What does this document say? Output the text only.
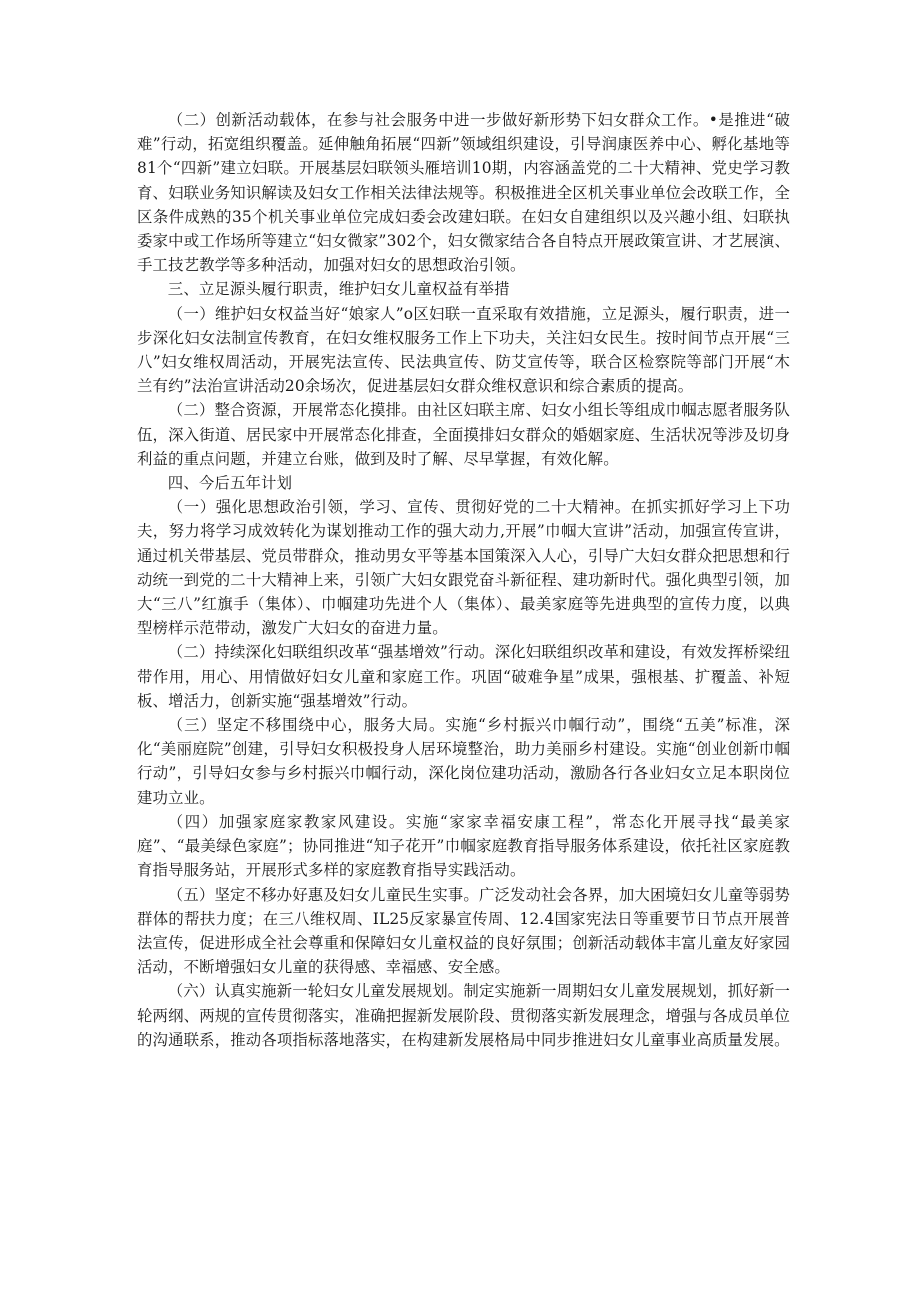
（二）创新活动载体，在参与社会服务中进一步做好新形势下妇女群众工作。•是推进“破难”行动，拓宽组织覆盖。延伸触角拓展“四新”领域组织建设，引导润康医养中心、孵化基地等81个“四新”建立妇联。开展基层妇联领头雁培训10期，内容涵盖党的二十大精神、党史学习教育、妇联业务知识解读及妇女工作相关法律法规等。积极推进全区机关事业单位会改联工作，全区条件成熟的35个机关事业单位完成妇委会改建妇联。在妇女自建组织以及兴趣小组、妇联执委家中或工作场所等建立“妇女微家”302个，妇女微家结合各自特点开展政策宣讲、才艺展演、手工技艺教学等多种活动，加强对妇女的思想政治引领。

三、立足源头履行职责，维护妇女儿童权益有举措

（一）维护妇女权益当好“娘家人”o区妇联一直采取有效措施，立足源头，履行职责，进一步深化妇女法制宣传教育，在妇女维权服务工作上下功夫，关注妇女民生。按时间节点开展“三八”妇女维权周活动，开展宪法宣传、民法典宣传、防艾宣传等，联合区检察院等部门开展“木兰有约”法治宣讲活动20余场次，促进基层妇女群众维权意识和综合素质的提高。

（二）整合资源，开展常态化摸排。由社区妇联主席、妇女小组长等组成巾帼志愿者服务队伍，深入街道、居民家中开展常态化排查，全面摸排妇女群众的婚姻家庭、生活状况等涉及切身利益的重点问题，并建立台账，做到及时了解、尽早掌握，有效化解。

四、今后五年计划

（一）强化思想政治引领，学习、宣传、贯彻好党的二十大精神。在抓实抓好学习上下功夫，努力将学习成效转化为谋划推动工作的强大动力,开展”巾帼大宣讲”活动，加强宣传宣讲，通过机关带基层、党员带群众，推动男女平等基本国策深入人心，引导广大妇女群众把思想和行动统一到党的二十大精神上来，引领广大妇女跟党奋斗新征程、建功新时代。强化典型引领，加大“三八”红旗手（集体）、巾帼建功先进个人（集体）、最美家庭等先进典型的宣传力度，以典型榜样示范带动，激发广大妇女的奋进力量。

（二）持续深化妇联组织改革“强基增效”行动。深化妇联组织改革和建设，有效发挥桥梁纽带作用，用心、用情做好妇女儿童和家庭工作。巩固“破难争星”成果，强根基、扩覆盖、补短板、增活力，创新实施“强基增效”行动。

（三）坚定不移围绕中心，服务大局。实施“乡村振兴巾帼行动”，围绕“五美”标准，深化“美丽庭院”创建，引导妇女积极投身人居环境整治，助力美丽乡村建设。实施“创业创新巾帼行动”，引导妇女参与乡村振兴巾帼行动，深化岗位建功活动，激励各行各业妇女立足本职岗位建功立业。

（四）加强家庭家教家风建设。实施“家家幸福安康工程”，常态化开展寻找“最美家庭”、“最美绿色家庭”；协同推进“知子花开”巾帼家庭教育指导服务体系建设，依托社区家庭教育指导服务站，开展形式多样的家庭教育指导实践活动。

（五）坚定不移办好惠及妇女儿童民生实事。广泛发动社会各界，加大困境妇女儿童等弱势群体的帮扶力度；在三八维权周、IL25反家暴宣传周、12.4国家宪法日等重要节日节点开展普法宣传，促进形成全社会尊重和保障妇女儿童权益的良好氛围；创新活动载体丰富儿童友好家园活动，不断增强妇女儿童的获得感、幸福感、安全感。

（六）认真实施新一轮妇女儿童发展规划。制定实施新一周期妇女儿童发展规划，抓好新一轮两纲、两规的宣传贯彻落实，准确把握新发展阶段、贯彻落实新发展理念，增强与各成员单位的沟通联系，推动各项指标落地落实，在构建新发展格局中同步推进妇女儿童事业高质量发展。
